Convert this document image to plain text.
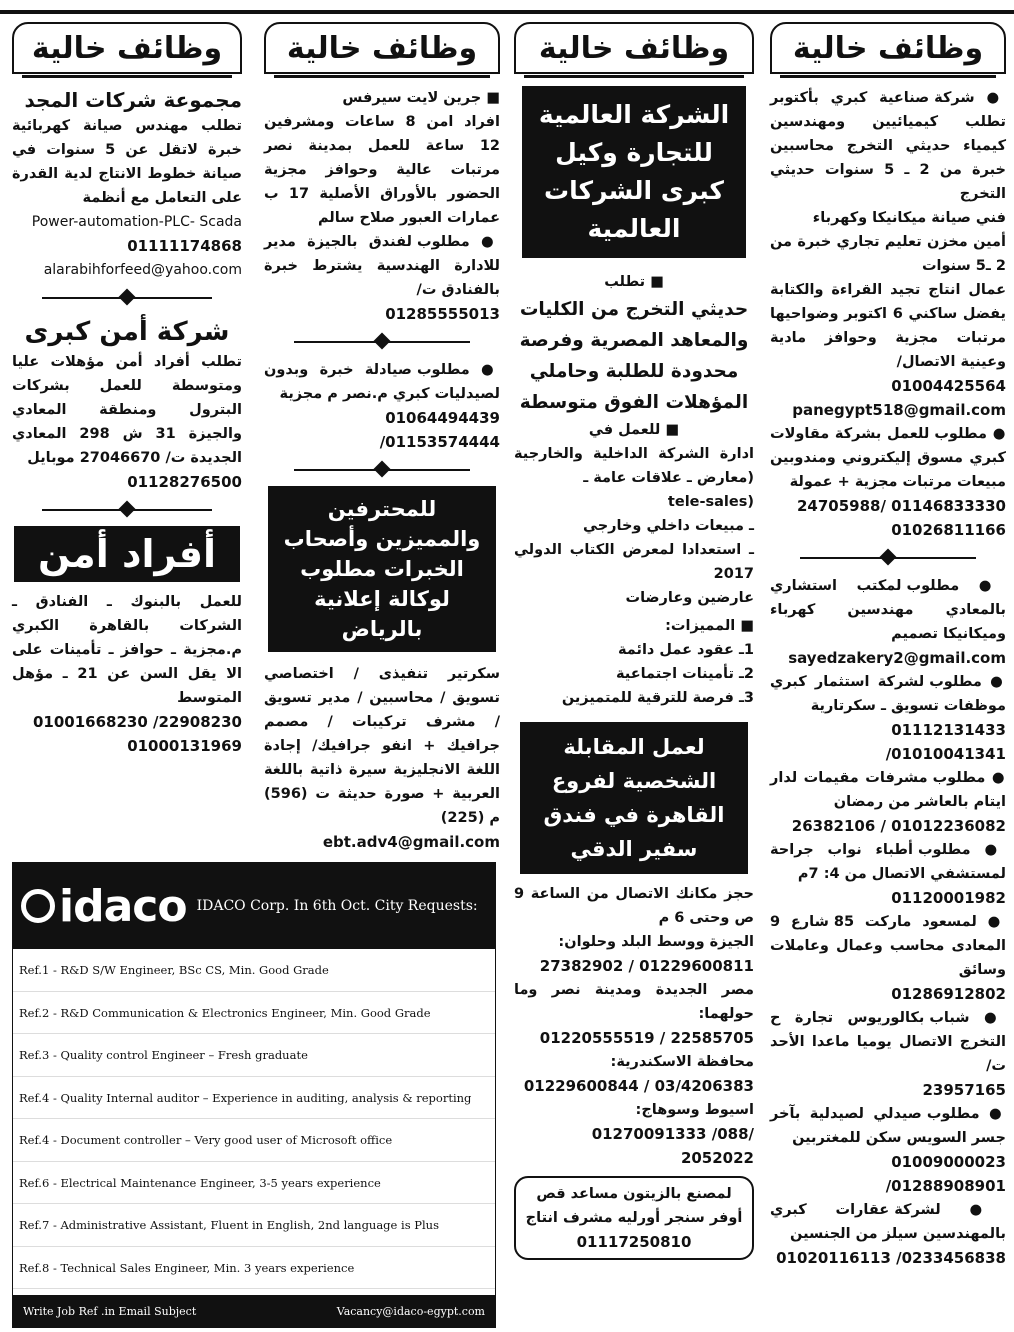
وظائف خالية
● شركة صناعية كبري بأكتوبر تطلب كيميائيين ومهندسين كيمياء حديثي التخرج محاسبين خبرة من 2 ـ 5 سنوات حديثي التخرج
فني صيانة ميكانيكا وكهرباء
أمين مخزن تعليم تجاري خبرة من 2 ـ5 سنوات
عمال انتاج تجيد القراءة والكتابة يفضل ساكني 6 اكتوبر وضواحيها مرتبات مجزية وحوافز مادية وعينية الاتصال/
01004425564
panegypt518@gmail.com
● مطلوب للعمل بشركة مقاولات كبري مسوق إليكتروني ومندوبين مبيعات مرتبات مجزية + عمولة
24705988/ 01146833330
01026811166
● مطلوب لمكتب استشاري بالمعادي مهندسين كهرباء وميكانيكا تصميم
sayedzakery2@gmail.com
● مطلوب لشركة استثمار كبري موظفات تسويق ـ سكرتارية
01112131433 /01010041341
● مطلوب مشرفات مقيمات لدار ايتام بالعاشر من رمضان
26382106 / 01012236082
● مطلوب أطباء نواب جراحة لمستشفي الاتصال من 4: 7م
01120001982
● لمسعود ماركت 85 شارع 9 المعادى محاسب وعمال وعاملات وسائق
01286912802
● شباب بكالوريوس تجارة ح التخرج الاتصال يوميا ماعدا الأحد ت/
23957165
● مطلوب صيدلي لصيدلية بآخر جسر السويس سكن للمغتربين
01009000023 /01288908901
● لشركة عقارات كبري بالمهندسين سيلز من الجنسين
01020116113 /0233456838
وظائف خالية
الشركة العالمية للتجارة وكيل كبرى الشركات العالمية
■ تطلب
حديثي التخرج من الكليات والمعاهد المصرية وفرصة محدودة للطلبة وحاملي المؤهلات الفوق متوسطة
■ للعمل في
ادارة الشركة الداخلية والخارجية (معارض ـ علاقات عامة ـ
tele-sales)
ـ مبيعات داخلي وخارجي
ـ استعدادا لمعرض الكتاب الدولي 2017
عارضين وعارضات
■ المميزات:
1ـ عقود عمل دائمة
2ـ تأمينات اجتماعية
3ـ فرصة للترقية للمتميزين
لعمل المقابلة الشخصية لفروع القاهرة في فندق سفير الدقي
حجز مكانك الاتصال من الساعة 9 ص وحتى 6 م
الجيزة ووسط البلد وحلوان:
27382902 / 01229600811
مصر الجديدة ومدينة نصر وما حولهما:
01220555519 / 22585705
محافظة الاسكندرية:
01229600844 / 03/4206383
اسيوط وسوهاج:
01270091333 /088/ 2052022
لمصنع بالزيتون مساعد قص أوفر سنجر أورليه مشرف انتاج
01117250810
وظائف خالية
■ جرين لايت سيرفس
افراد امن 8 ساعات ومشرفين 12 ساعة للعمل بمدينة نصر مرتبات عالية وحوافز مجزية الحضور بالأوراق الأصلية 17 ب عمارات العبور صلاح سالم
● مطلوب لفندق بالجيزة مدير للادارة الهندسية يشترط خبرة بالفنادق ت/
01285555013
● مطلوب صيادلة خبرة وبدون لصيدليات كبري م.نصر م مجزية
01064494439 /01153574444
للمحترفين والمميزين وأصحاب الخبرات مطلوب لوكالة إعلانية بالرياض
سكرتير تنفيذى / اختصاصي تسويق / محاسبين / مدير تسويق / مشرف تركيبات / مصمم جرافيك + انفو جرافيك/ إجادة اللغة الانجليزية سيرة ذاتية باللغة العربية + صورة حديثة ت (596) م (225)
ebt.adv4@gmail.com
وظائف خالية
مجموعة شركات المجد
تطلب مهندس صيانة كهربائية خبرة لاتقل عن 5 سنوات في صيانة خطوط الانتاج لدية القدرة على التعامل مع أنظمة
Power-automation-PLC- Scada
01111174868
alarabihforfeed@yahoo.com
شركة أمن كبرى
تطلب أفراد أمن مؤهلات عليا ومتوسطة للعمل بشركات البترول ومنطقة المعادي والجيزة 31 ش 298 المعادي الجديدة ت/ 27046670 موبايل
01128276500
أفراد أمن
للعمل بالبنوك ـ الفنادق ـ الشركات بالقاهرة الكبري م.مجزية ـ حوافز ـ تأمينات على الا يقل السن عن 21 ـ مؤهل المتوسط
01001668230 /22908230
01000131969
idaco IDACO Corp. In 6th Oct. City Requests:
Ref.1 - R&D S/W Engineer, BSc CS, Min. Good Grade
Ref.2 - R&D Communication & Electronics Engineer, Min. Good Grade
Ref.3 - Quality control Engineer – Fresh graduate
Ref.4 - Quality Internal auditor – Experience in auditing, analysis & reporting
Ref.4 - Document controller – Very good user of Microsoft office
Ref.6 - Electrical Maintenance Engineer, 3-5 years experience
Ref.7 - Administrative Assistant, Fluent in English, 2nd language is Plus
Ref.8 - Technical Sales Engineer, Min. 3 years experience
Write Job Ref .in Email Subject	Vacancy@idaco-egypt.com
